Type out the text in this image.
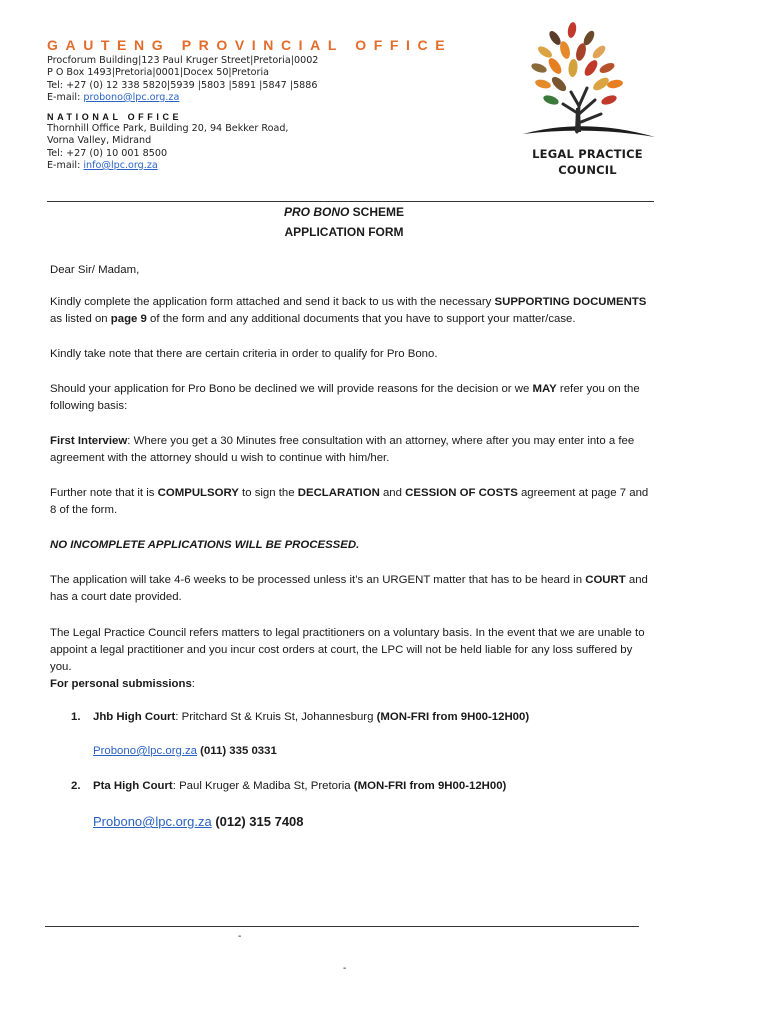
GAUTENG PROVINCIAL OFFICE
Procforum Building|123 Paul Kruger Street|Pretoria|0002
P O Box 1493|Pretoria|0001|Docex 50|Pretoria
Tel: +27 (0) 12 338 5820|5939 |5803 |5891 |5847 |5886
E-mail: probono@lpc.org.za
NATIONAL OFFICE
Thornhill Office Park, Building 20, 94 Bekker Road,
Vorna Valley, Midrand
Tel: +27 (0) 10 001 8500
E-mail: info@lpc.org.za
LEGAL PRACTICE
COUNCIL
PRO BONO SCHEME
APPLICATION FORM
Dear Sir/ Madam,
Kindly complete the application form attached and send it back to us with the necessary SUPPORTING DOCUMENTS as listed on page 9 of the form and any additional documents that you have to support your matter/case.
Kindly take note that there are certain criteria in order to qualify for Pro Bono.
Should your application for Pro Bono be declined we will provide reasons for the decision or we MAY refer you on the following basis:
First Interview: Where you get a 30 Minutes free consultation with an attorney, where after you may enter into a fee agreement with the attorney should u wish to continue with him/her.
Further note that it is COMPULSORY to sign the DECLARATION and CESSION OF COSTS agreement at page 7 and 8 of the form.
NO INCOMPLETE APPLICATIONS WILL BE PROCESSED.
The application will take 4-6 weeks to be processed unless it’s an URGENT matter that has to be heard in COURT and has a court date provided.
The Legal Practice Council refers matters to legal practitioners on a voluntary basis. In the event that we are unable to appoint a legal practitioner and you incur cost orders at court, the LPC will not be held liable for any loss suffered by you.
For personal submissions:
1. Jhb High Court: Pritchard St & Kruis St, Johannesburg (MON-FRI from 9H00-12H00)
Probono@lpc.org.za (011) 335 0331
2. Pta High Court: Paul Kruger & Madiba St, Pretoria (MON-FRI from 9H00-12H00)
Probono@lpc.org.za (012) 315 7408
-
-
